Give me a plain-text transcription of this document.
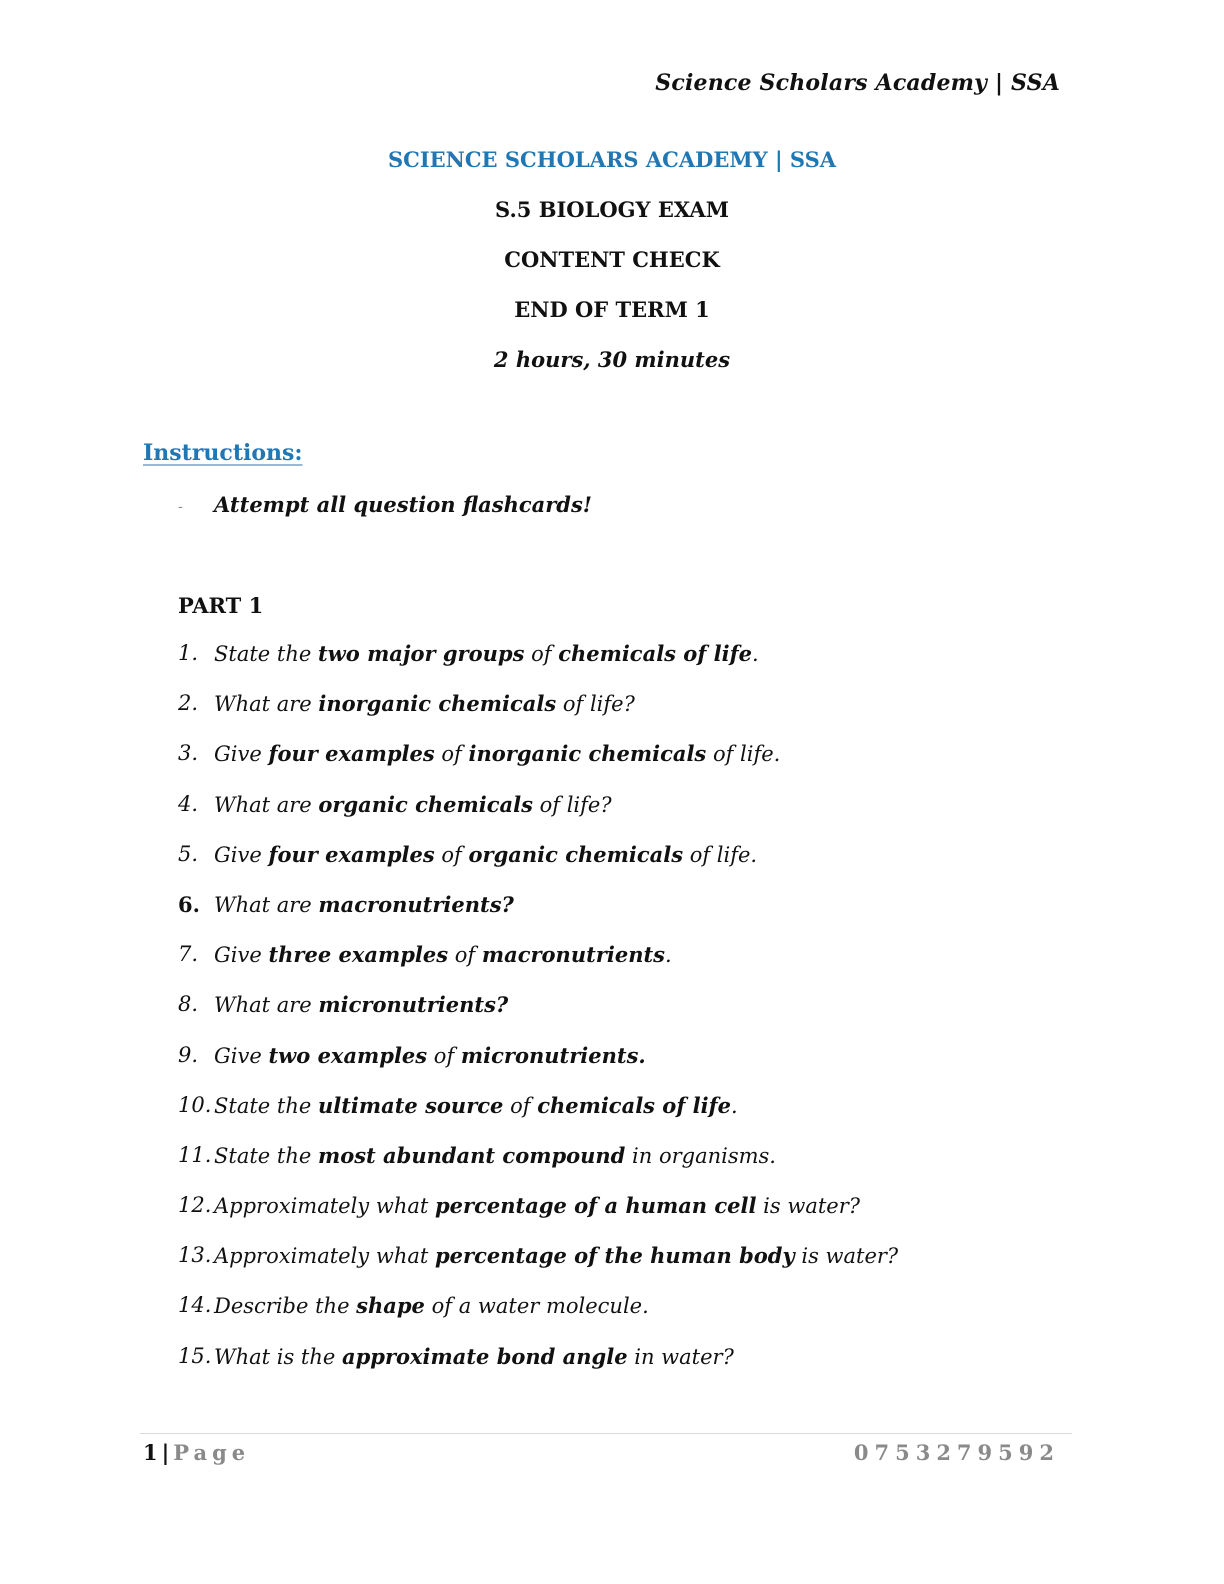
Science Scholars Academy | SSA
SCIENCE SCHOLARS ACADEMY | SSA
S.5 BIOLOGY EXAM
CONTENT CHECK
END OF TERM 1
2 hours, 30 minutes
Instructions:
- Attempt all question flashcards!
PART 1
1. State the two major groups of chemicals of life.
2. What are inorganic chemicals of life?
3. Give four examples of inorganic chemicals of life.
4. What are organic chemicals of life?
5. Give four examples of organic chemicals of life.
6. What are macronutrients?
7. Give three examples of macronutrients.
8. What are micronutrients?
9. Give two examples of micronutrients.
10. State the ultimate source of chemicals of life.
11. State the most abundant compound in organisms.
12. Approximately what percentage of a human cell is water?
13. Approximately what percentage of the human body is water?
14. Describe the shape of a water molecule.
15. What is the approximate bond angle in water?
1 | Page	0753279592
